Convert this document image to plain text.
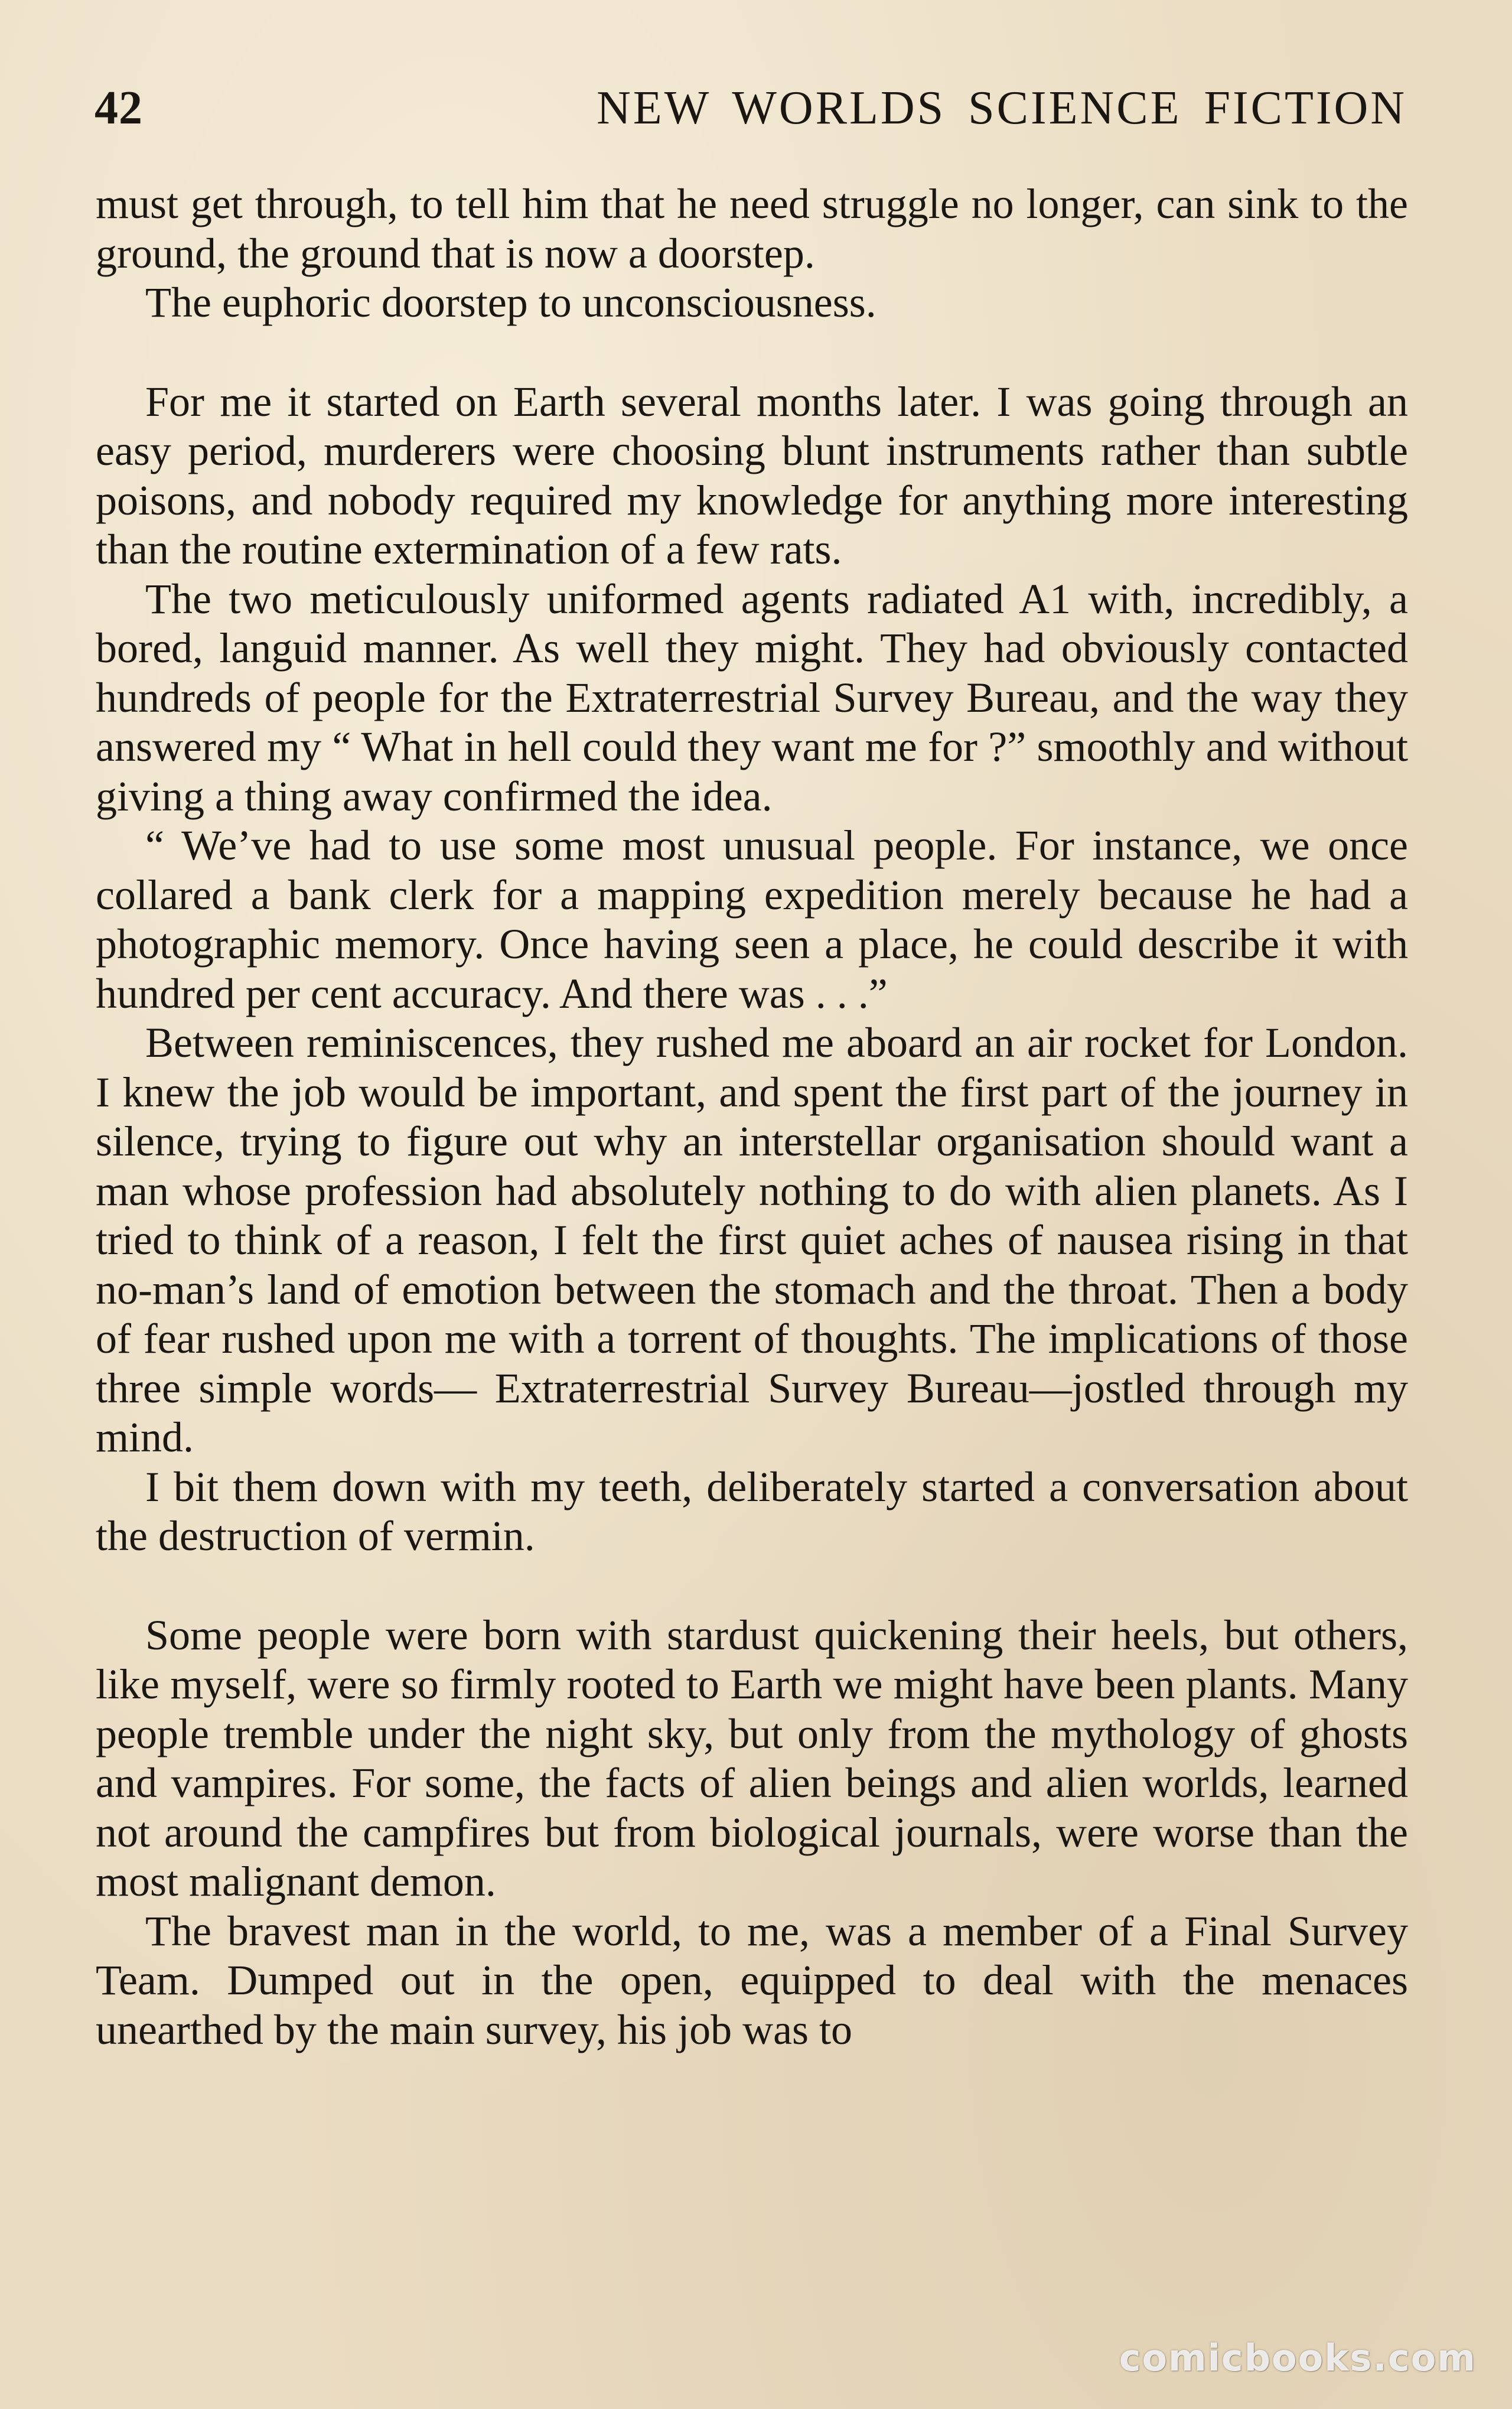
42	NEW WORLDS SCIENCE FICTION

must get through, to tell him that he need struggle no longer, can sink to the ground, the ground that is now a doorstep.

The euphoric doorstep to unconsciousness.

For me it started on Earth several months later. I was going through an easy period, murderers were choosing blunt instruments rather than subtle poisons, and nobody required my knowledge for anything more interesting than the routine extermination of a few rats.

The two meticulously uniformed agents radiated A1 with, incredibly, a bored, languid manner. As well they might. They had obviously contacted hundreds of people for the Extraterrestrial Survey Bureau, and the way they answered my “ What in hell could they want me for ?” smoothly and without giving a thing away confirmed the idea.

“ We’ve had to use some most unusual people. For instance, we once collared a bank clerk for a mapping expedition merely because he had a photographic memory. Once having seen a place, he could describe it with hundred per cent accuracy. And there was . . .”

Between reminiscences, they rushed me aboard an air rocket for London. I knew the job would be important, and spent the first part of the journey in silence, trying to figure out why an interstellar organisation should want a man whose profession had absolutely nothing to do with alien planets. As I tried to think of a reason, I felt the first quiet aches of nausea rising in that no-man’s land of emotion between the stomach and the throat. Then a body of fear rushed upon me with a torrent of thoughts. The implications of those three simple words— Extraterrestrial Survey Bureau—jostled through my mind.

I bit them down with my teeth, deliberately started a conversation about the destruction of vermin.

Some people were born with stardust quickening their heels, but others, like myself, were so firmly rooted to Earth we might have been plants. Many people tremble under the night sky, but only from the mythology of ghosts and vampires. For some, the facts of alien beings and alien worlds, learned not around the campfires but from biological journals, were worse than the most malignant demon.

The bravest man in the world, to me, was a member of a Final Survey Team. Dumped out in the open, equipped to deal with the menaces unearthed by the main survey, his job was to

comicbooks.com
